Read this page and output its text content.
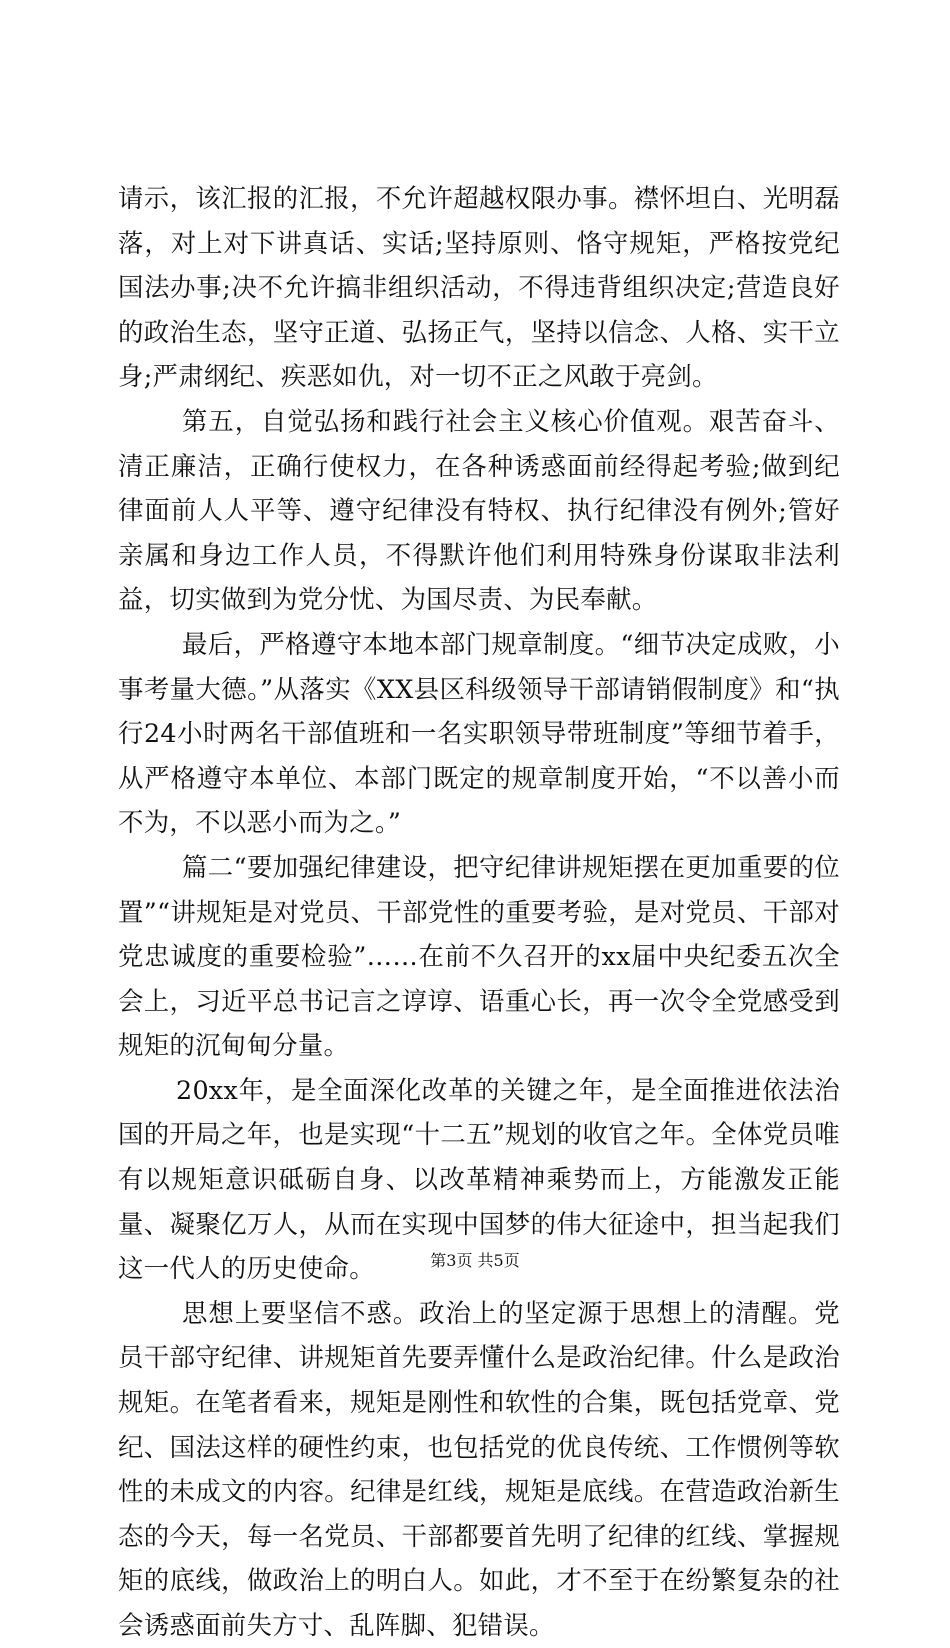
请示，该汇报的汇报，不允许超越权限办事。襟怀坦白、光明磊落，对上对下讲真话、实话;坚持原则、恪守规矩，严格按党纪国法办事;决不允许搞非组织活动，不得违背组织决定;营造良好的政治生态，坚守正道、弘扬正气，坚持以信念、人格、实干立身;严肃纲纪、疾恶如仇，对一切不正之风敢于亮剑。

第五，自觉弘扬和践行社会主义核心价值观。艰苦奋斗、清正廉洁，正确行使权力，在各种诱惑面前经得起考验;做到纪律面前人人平等、遵守纪律没有特权、执行纪律没有例外;管好亲属和身边工作人员，不得默许他们利用特殊身份谋取非法利益，切实做到为党分忧、为国尽责、为民奉献。

最后，严格遵守本地本部门规章制度。“细节决定成败，小事考量大德。”从落实《XX县区科级领导干部请销假制度》和“执行24小时两名干部值班和一名实职领导带班制度”等细节着手，从严格遵守本单位、本部门既定的规章制度开始，“不以善小而不为，不以恶小而为之。”

篇二“要加强纪律建设，把守纪律讲规矩摆在更加重要的位置”“讲规矩是对党员、干部党性的重要考验，是对党员、干部对党忠诚度的重要检验”……在前不久召开的xx届中央纪委五次全会上，习近平总书记言之谆谆、语重心长，再一次令全党感受到规矩的沉甸甸分量。

20xx年，是全面深化改革的关键之年，是全面推进依法治国的开局之年，也是实现“十二五”规划的收官之年。全体党员唯有以规矩意识砥砺自身、以改革精神乘势而上，方能激发正能量、凝聚亿万人，从而在实现中国梦的伟大征途中，担当起我们这一代人的历史使命。

思想上要坚信不惑。政治上的坚定源于思想上的清醒。党员干部守纪律、讲规矩首先要弄懂什么是政治纪律。什么是政治规矩。在笔者看来，规矩是刚性和软性的合集，既包括党章、党纪、国法这样的硬性约束，也包括党的优良传统、工作惯例等软性的未成文的内容。纪律是红线，规矩是底线。在营造政治新生态的今天，每一名党员、干部都要首先明了纪律的红线、掌握规矩的底线，做政治上的明白人。如此，才不至于在纷繁复杂的社会诱惑面前失方寸、乱阵脚、犯错误。

第3页 共5页
